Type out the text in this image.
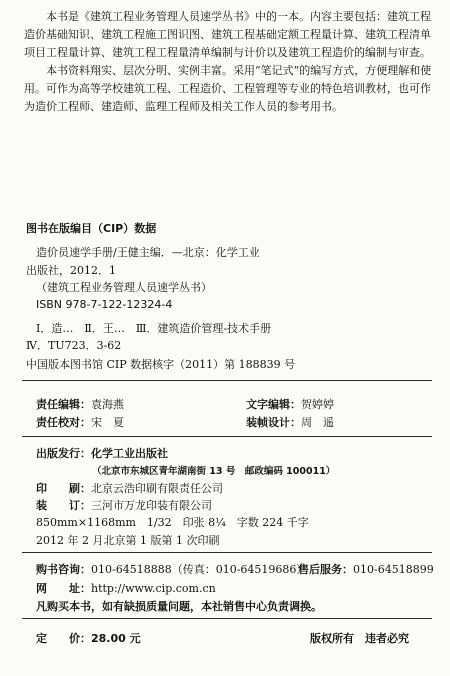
本书是《建筑工程业务管理人员速学丛书》中的一本。内容主要包括：建筑工程造价基础知识、建筑工程施工图识图、建筑工程基础定额工程量计算、建筑工程清单项目工程量计算、建筑工程工程量清单编制与计价以及建筑工程造价的编制与审查。

本书资料翔实、层次分明、实例丰富。采用“笔记式”的编写方式，方便理解和使用。可作为高等学校建筑工程、工程造价、工程管理等专业的特色培训教材，也可作为造价工程师、建造师、监理工程师及相关工作人员的参考用书。

图书在版编目（CIP）数据
造价员速学手册/王健主编．—北京：化学工业
出版社，2012．1
（建筑工程业务管理人员速学丛书）
ISBN 978-7-122-12324-4
Ⅰ．造…　Ⅱ．王…　Ⅲ．建筑造价管理-技术手册
Ⅳ．TU723．3-62
中国版本图书馆 CIP 数据核字（2011）第 188839 号
责任编辑：袁海燕	文字编辑：贺婷婷
责任校对：宋　夏	装帧设计：周　遥
出版发行：化学工业出版社
（北京市东城区青年湖南街 13 号　邮政编码 100011）
印　　刷：北京云浩印刷有限责任公司
装　　订：三河市万龙印装有限公司
850mm×1168mm　1/32　印张 8¼　字数 224 千字
2012 年 2 月北京第 1 版第 1 次印刷
购书咨询：010-64518888（传真：010-64519686）
售后服务：010-64518899
网　　址：http://www.cip.com.cn
凡购买本书，如有缺损质量问题，本社销售中心负责调换。
定　　价：28.00 元	版权所有　违者必究
